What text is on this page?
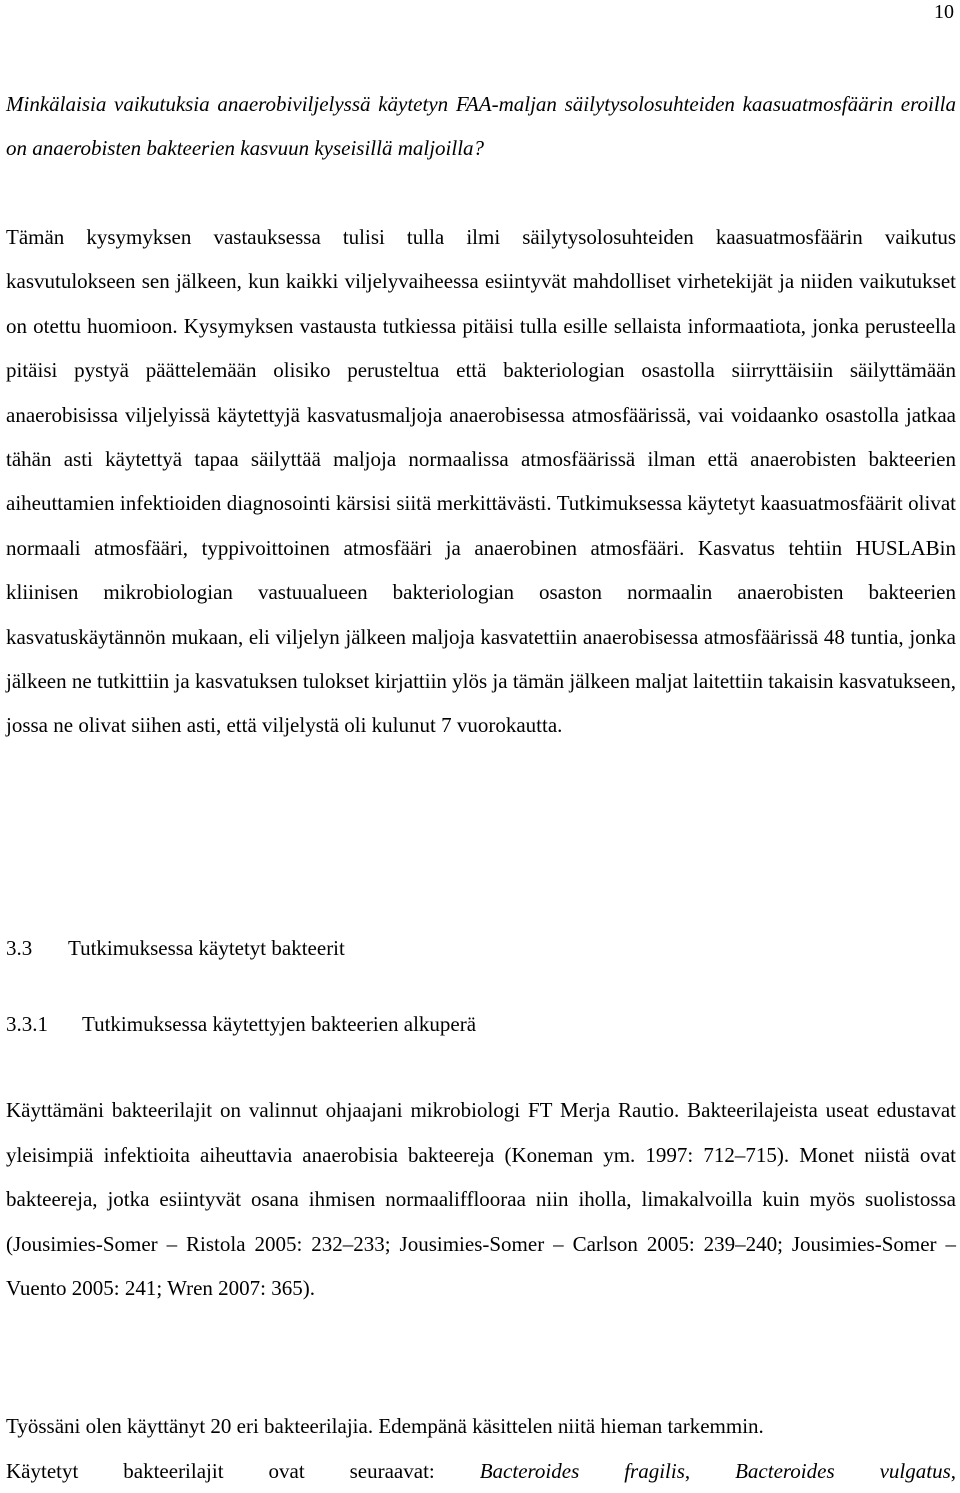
10
Minkälaisia vaikutuksia anaerobiviljelyssä käytetyn FAA-maljan säilytysolosuhteiden kaasuatmosfäärin eroilla on anaerobisten bakteerien kasvuun kyseisillä maljoilla?
Tämän kysymyksen vastauksessa tulisi tulla ilmi säilytysolosuhteiden kaasuatmosfäärin vaikutus kasvutulokseen sen jälkeen, kun kaikki viljelyvaiheessa esiintyvät mahdolliset virhetekijät ja niiden vaikutukset on otettu huomioon. Kysymyksen vastausta tutkiessa pitäisi tulla esille sellaista informaatiota, jonka perusteella pitäisi pystyä päättelemään olisiko perusteltua että bakteriologian osastolla siirryttäisiin säilyttämään anaerobisissa viljelyissä käytettyjä kasvatusmaljoja anaerobisessa atmosfäärissä, vai voidaanko osastolla jatkaa tähän asti käytettyä tapaa säilyttää maljoja normaalissa atmosfäärissä ilman että anaerobisten bakteerien aiheuttamien infektioiden diagnosointi kärsisi siitä merkittävästi. Tutkimuksessa käytetyt kaasuatmosfäärit olivat normaali atmosfääri, typpivoittoinen atmosfääri ja anaerobinen atmosfääri. Kasvatus tehtiin HUSLABin kliinisen mikrobiologian vastuualueen bakteriologian osaston normaalin anaerobisten bakteerien kasvatuskäytännön mukaan, eli viljelyn jälkeen maljoja kasvatettiin anaerobisessa atmosfäärissä 48 tuntia, jonka jälkeen ne tutkittiin ja kasvatuksen tulokset kirjattiin ylös ja tämän jälkeen maljat laitettiin takaisin kasvatukseen, jossa ne olivat siihen asti, että viljelystä oli kulunut 7 vuorokautta.
3.3 Tutkimuksessa käytetyt bakteerit
3.3.1 Tutkimuksessa käytettyjen bakteerien alkuperä
Käyttämäni bakteerilajit on valinnut ohjaajani mikrobiologi FT Merja Rautio. Bakteerilajeista useat edustavat yleisimpiä infektioita aiheuttavia anaerobisia bakteereja (Koneman ym. 1997: 712–715). Monet niistä ovat bakteereja, jotka esiintyvät osana ihmisen normaalifflooraa niin iholla, limakalvoilla kuin myös suolistossa (Jousimies-Somer – Ristola 2005: 232–233; Jousimies-Somer – Carlson 2005: 239–240; Jousimies-Somer – Vuento 2005: 241; Wren 2007: 365).
Työssäni olen käyttänyt 20 eri bakteerilajia. Edempänä käsittelen niitä hieman tarkemmin.
Käytetyt bakteerilajit ovat seuraavat: Bacteroides fragilis, Bacteroides vulgatus,
